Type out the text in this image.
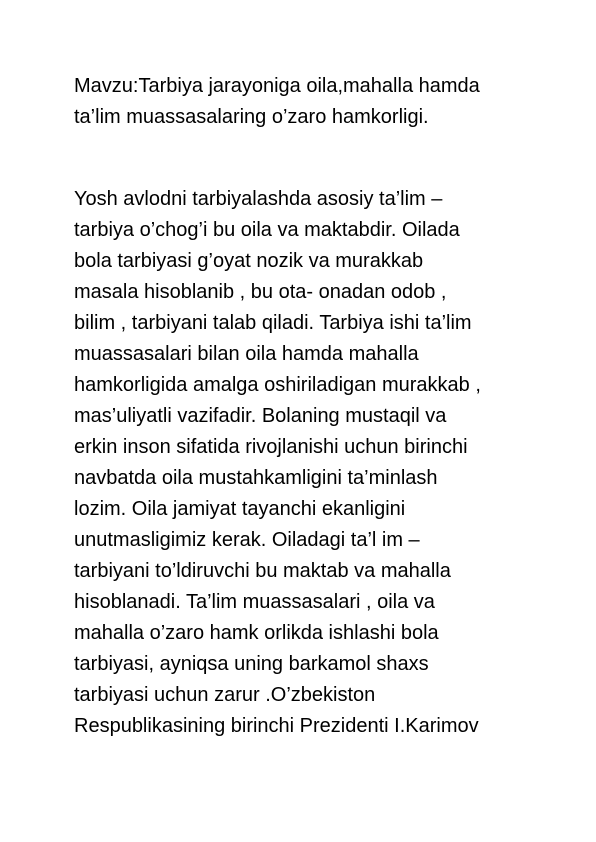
Mavzu:Tarbiya jarayoniga oila,mahalla hamda
ta’lim muassasalaring o’zaro hamkorligi.

Yosh avlodni tarbiyalashda asosiy ta’lim –
tarbiya o’chog’i bu oila va maktabdir. Oilada
bola tarbiyasi g’oyat nozik va murakkab
masala hisoblanib , bu ota- onadan odob ,
bilim , tarbiyani talab qiladi. Tarbiya ishi ta’lim
muassasalari bilan oila hamda mahalla
hamkorligida amalga oshiriladigan murakkab ,
mas’uliyatli vazifadir. Bolaning mustaqil va
erkin inson sifatida rivojlanishi uchun birinchi
navbatda oila mustahkamligini ta’minlash
lozim. Oila jamiyat tayanchi ekanligini
unutmasligimiz kerak. Oiladagi ta’l im –
tarbiyani to’ldiruvchi bu maktab va mahalla
hisoblanadi. Ta’lim muassasalari , oila va
mahalla o’zaro hamk orlikda ishlashi bola
tarbiyasi, ayniqsa uning barkamol shaxs
tarbiyasi uchun zarur .O’zbekiston
Respublikasining birinchi Prezidenti I.Karimov
